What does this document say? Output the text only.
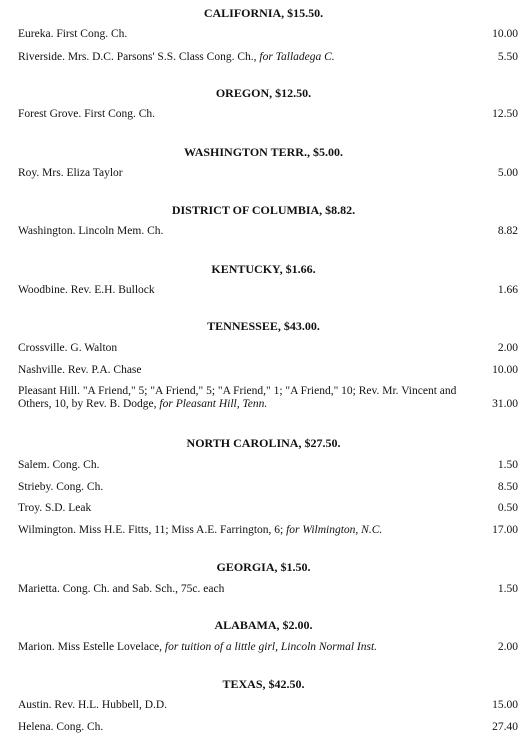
CALIFORNIA, $15.50.
Eureka. First Cong. Ch.	10.00
Riverside. Mrs. D.C. Parsons' S.S. Class Cong. Ch., for Talladega C.	5.50
OREGON, $12.50.
Forest Grove. First Cong. Ch.	12.50
WASHINGTON TERR., $5.00.
Roy. Mrs. Eliza Taylor	5.00
DISTRICT OF COLUMBIA, $8.82.
Washington. Lincoln Mem. Ch.	8.82
KENTUCKY, $1.66.
Woodbine. Rev. E.H. Bullock	1.66
TENNESSEE, $43.00.
Crossville. G. Walton	2.00
Nashville. Rev. P.A. Chase	10.00
Pleasant Hill. "A Friend," 5; "A Friend," 5; "A Friend," 1; "A Friend," 10; Rev. Mr. Vincent and Others, 10, by Rev. B. Dodge, for Pleasant Hill, Tenn.	31.00
NORTH CAROLINA, $27.50.
Salem. Cong. Ch.	1.50
Strieby. Cong. Ch.	8.50
Troy. S.D. Leak	0.50
Wilmington. Miss H.E. Fitts, 11; Miss A.E. Farrington, 6; for Wilmington, N.C.	17.00
GEORGIA, $1.50.
Marietta. Cong. Ch. and Sab. Sch., 75c. each	1.50
ALABAMA, $2.00.
Marion. Miss Estelle Lovelace, for tuition of a little girl, Lincoln Normal Inst.	2.00
TEXAS, $42.50.
Austin. Rev. H.L. Hubbell, D.D.	15.00
Helena. Cong. Ch.	27.40
